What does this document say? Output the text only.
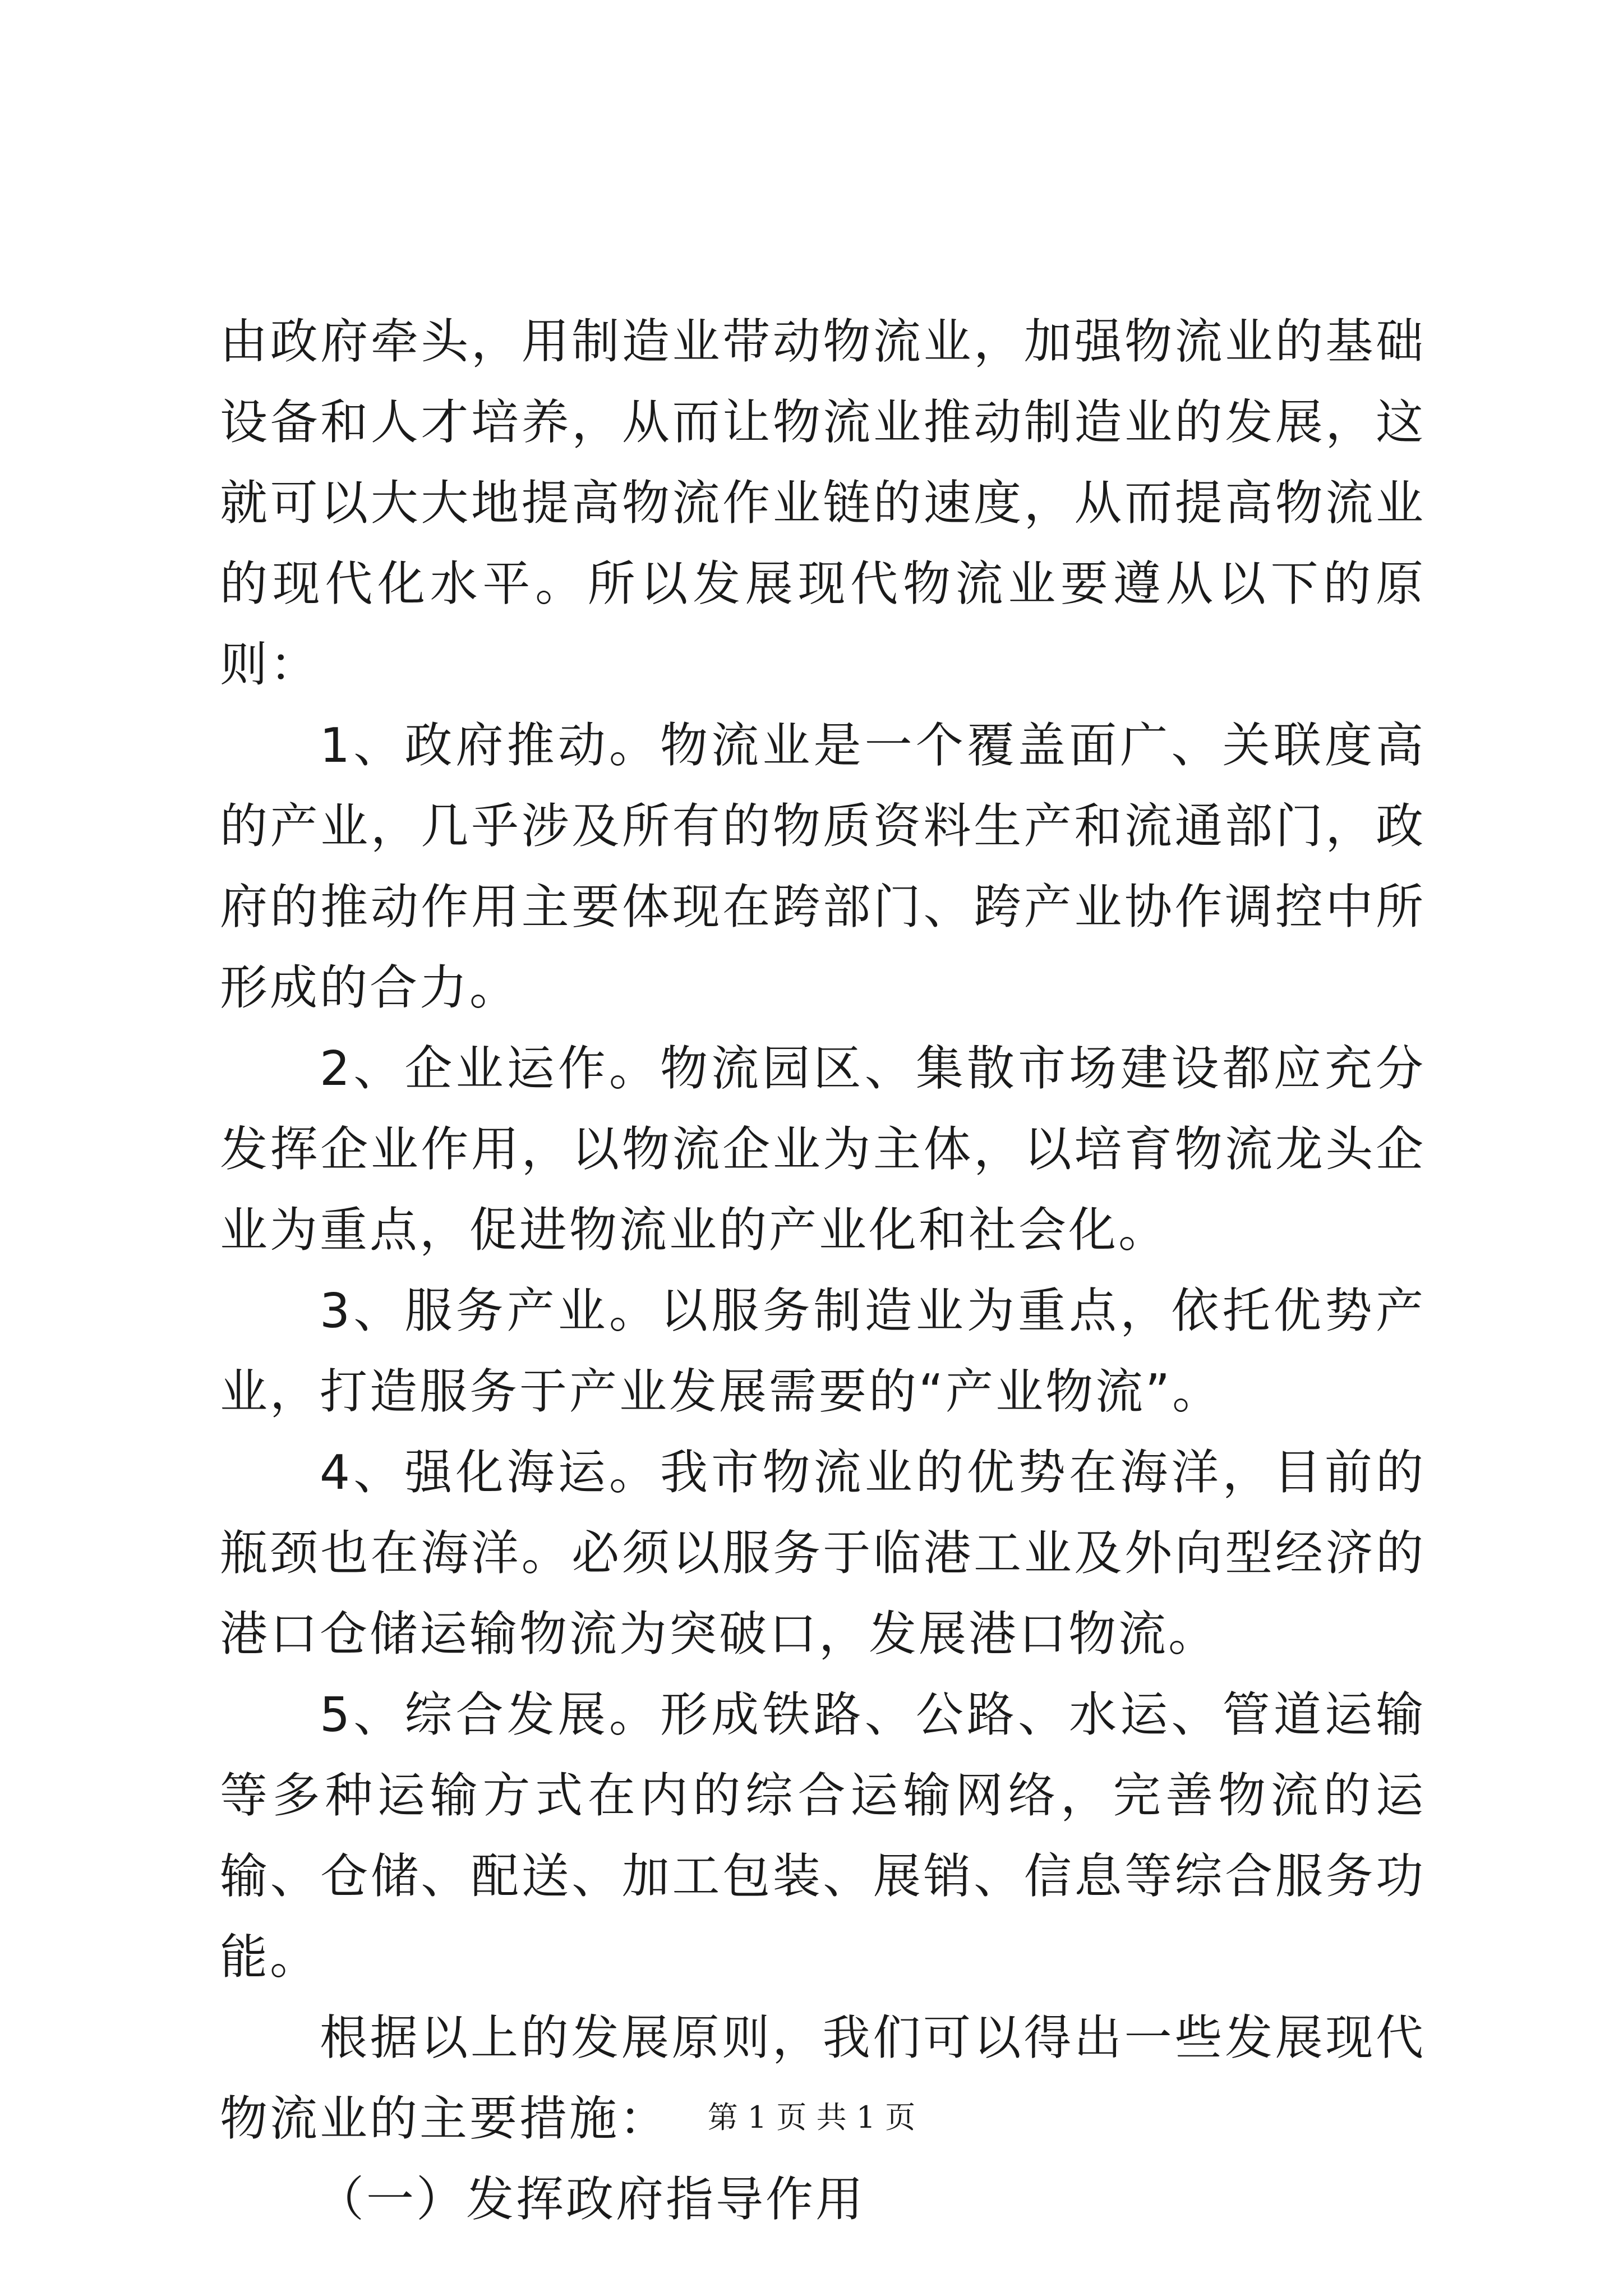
由政府牵头，用制造业带动物流业，加强物流业的基础设备和人才培养，从而让物流业推动制造业的发展，这就可以大大地提高物流作业链的速度，从而提高物流业的现代化水平。所以发展现代物流业要遵从以下的原则：

1、政府推动。物流业是一个覆盖面广、关联度高的产业，几乎涉及所有的物质资料生产和流通部门，政府的推动作用主要体现在跨部门、跨产业协作调控中所形成的合力。

2、企业运作。物流园区、集散市场建设都应充分发挥企业作用，以物流企业为主体，以培育物流龙头企业为重点，促进物流业的产业化和社会化。

3、服务产业。以服务制造业为重点，依托优势产业，打造服务于产业发展需要的“产业物流”。

4、强化海运。我市物流业的优势在海洋，目前的瓶颈也在海洋。必须以服务于临港工业及外向型经济的港口仓储运输物流为突破口，发展港口物流。

5、综合发展。形成铁路、公路、水运、管道运输等多种运输方式在内的综合运输网络，完善物流的运输、仓储、配送、加工包装、展销、信息等综合服务功能。

根据以上的发展原则，我们可以得出一些发展现代物流业的主要措施：

（一）发挥政府指导作用

第 1 页 共 1 页
